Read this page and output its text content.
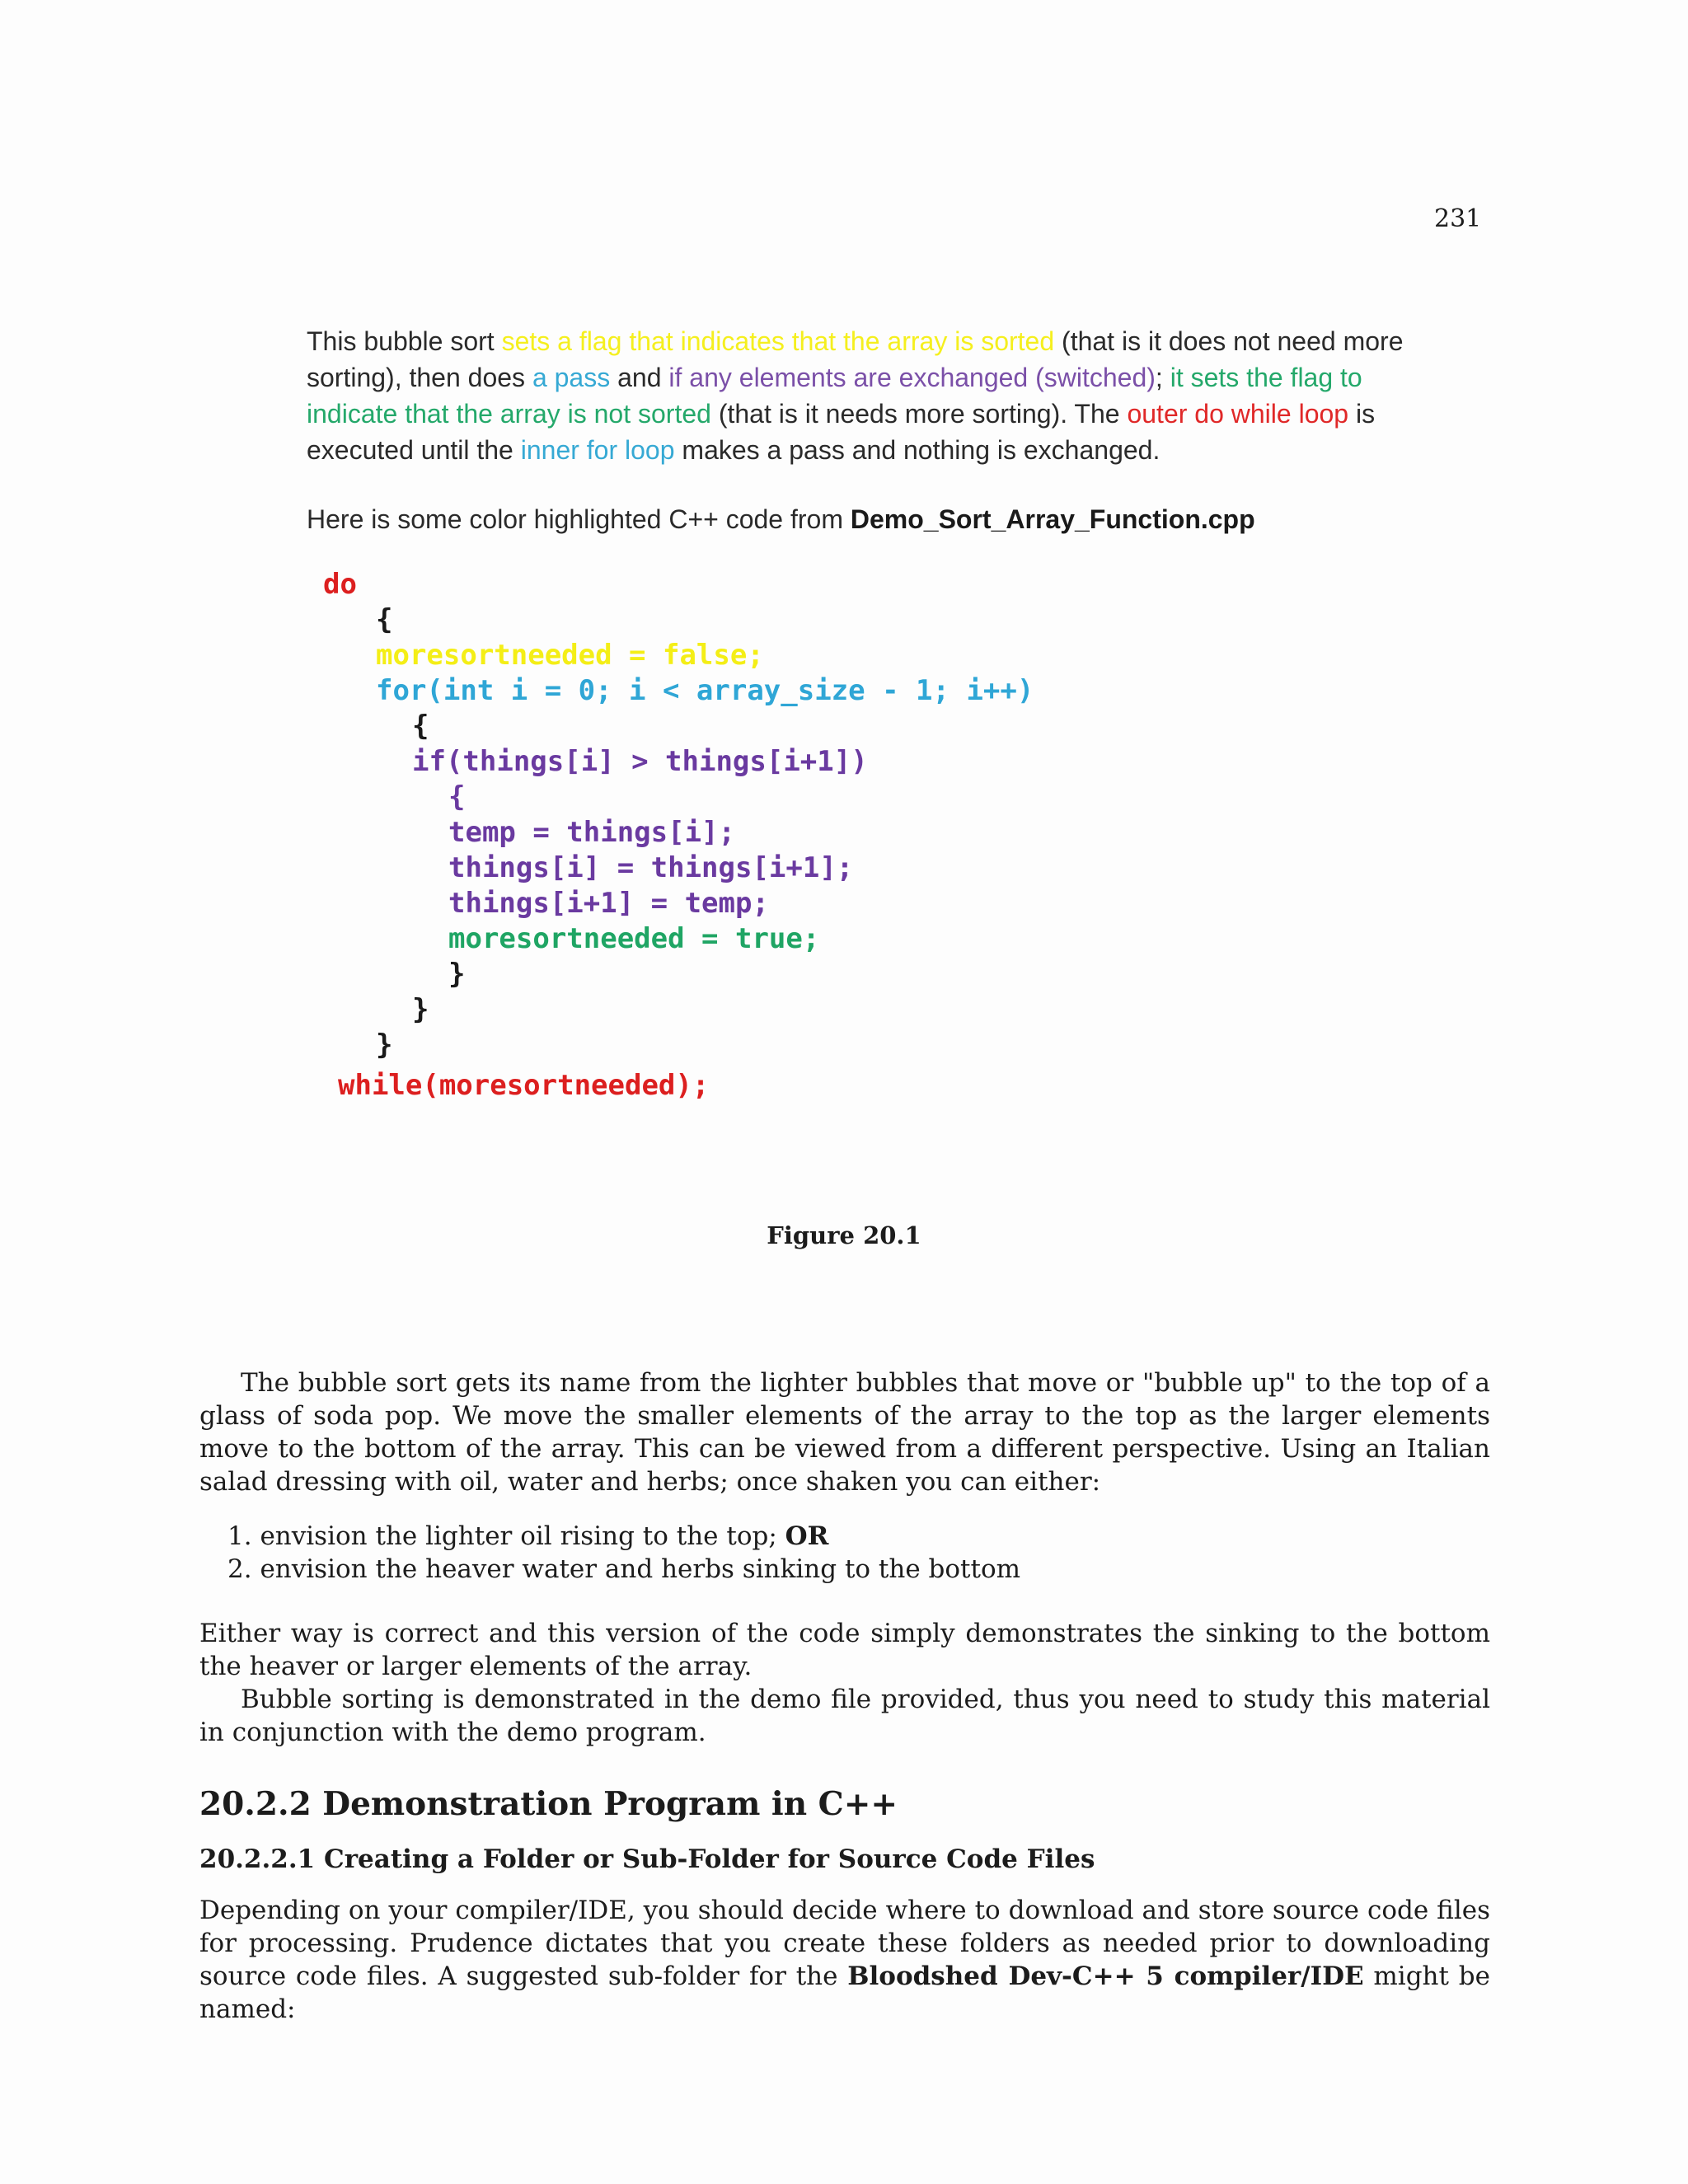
231

This bubble sort sets a flag that indicates that the array is sorted (that is it does not need more sorting), then does a pass and if any elements are exchanged (switched); it sets the flag to indicate that the array is not sorted (that is it needs more sorting). The outer do while loop is executed until the inner for loop makes a pass and nothing is exchanged.

Here is some color highlighted C++ code from Demo_Sort_Array_Function.cpp
do
{
moresortneeded = false;
for(int i = 0; i < array_size - 1; i++)
{
if(things[i] > things[i+1])
{
temp = things[i];
things[i] = things[i+1];
things[i+1] = temp;
moresortneeded = true;
}
}
}
while(moresortneeded);
Figure 20.1
The bubble sort gets its name from the lighter bubbles that move or "bubble up" to the top of a glass of soda pop. We move the smaller elements of the array to the top as the larger elements move to the bottom of the array. This can be viewed from a different perspective. Using an Italian salad dressing with oil, water and herbs; once shaken you can either:
1. envision the lighter oil rising to the top; OR
2. envision the heaver water and herbs sinking to the bottom
Either way is correct and this version of the code simply demonstrates the sinking to the bottom the heaver or larger elements of the array.
Bubble sorting is demonstrated in the demo file provided, thus you need to study this material in conjunction with the demo program.
20.2.2 Demonstration Program in C++
20.2.2.1 Creating a Folder or Sub-Folder for Source Code Files
Depending on your compiler/IDE, you should decide where to download and store source code files for processing. Prudence dictates that you create these folders as needed prior to downloading source code files. A suggested sub-folder for the Bloodshed Dev-C++ 5 compiler/IDE might be named:
